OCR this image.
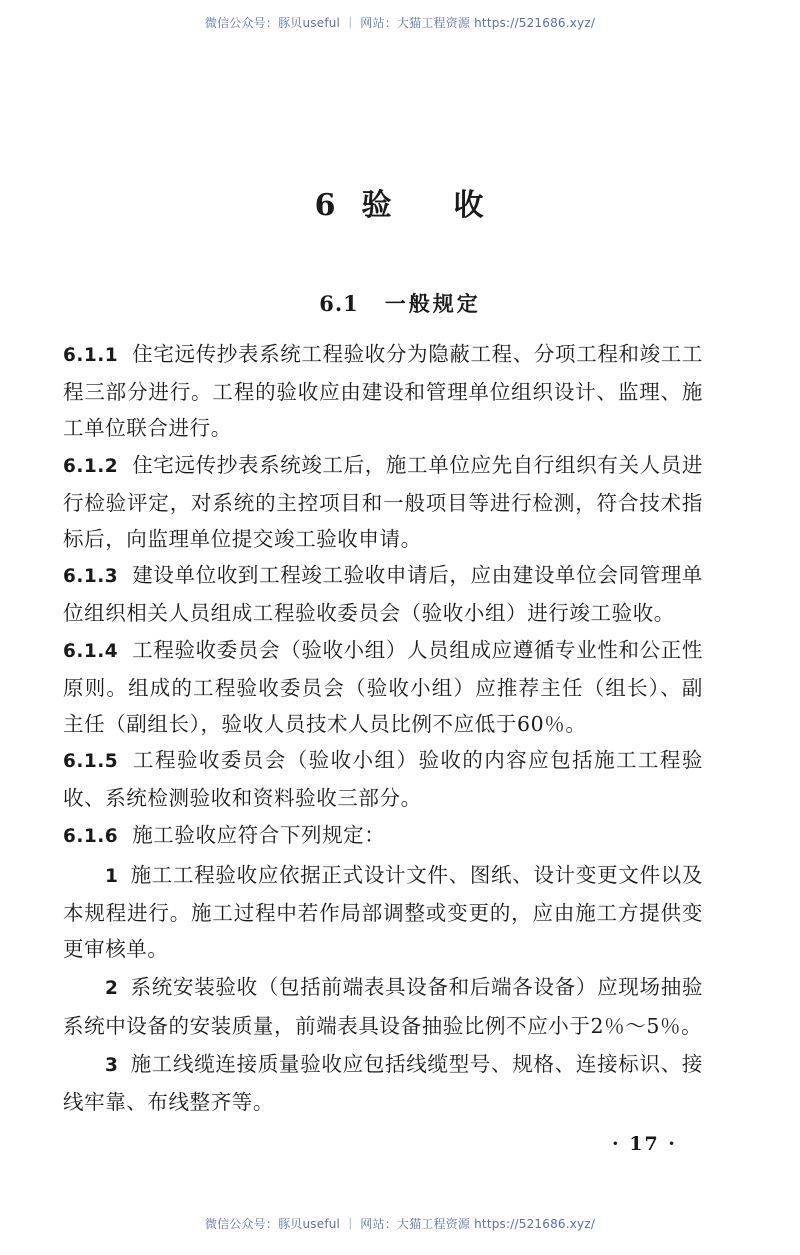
微信公众号：豚贝useful ｜ 网站：大猫工程资源 https://521686.xyz/
6 验 收
6.1 一般规定

6.1.1 住宅远传抄表系统工程验收分为隐蔽工程、分项工程和竣工工程三部分进行。工程的验收应由建设和管理单位组织设计、监理、施工单位联合进行。

6.1.2 住宅远传抄表系统竣工后，施工单位应先自行组织有关人员进行检验评定，对系统的主控项目和一般项目等进行检测，符合技术指标后，向监理单位提交竣工验收申请。

6.1.3 建设单位收到工程竣工验收申请后，应由建设单位会同管理单位组织相关人员组成工程验收委员会（验收小组）进行竣工验收。

6.1.4 工程验收委员会（验收小组）人员组成应遵循专业性和公正性原则。组成的工程验收委员会（验收小组）应推荐主任（组长）、副主任（副组长），验收人员技术人员比例不应低于60％。

6.1.5 工程验收委员会（验收小组）验收的内容应包括施工工程验收、系统检测验收和资料验收三部分。

6.1.6 施工验收应符合下列规定：

1 施工工程验收应依据正式设计文件、图纸、设计变更文件以及本规程进行。施工过程中若作局部调整或变更的，应由施工方提供变更审核单。

2 系统安装验收（包括前端表具设备和后端各设备）应现场抽验系统中设备的安装质量，前端表具设备抽验比例不应小于2％～5％。

3 施工线缆连接质量验收应包括线缆型号、规格、连接标识、接线牢靠、布线整齐等。

· 17 ·
微信公众号：豚贝useful ｜ 网站：大猫工程资源 https://521686.xyz/
